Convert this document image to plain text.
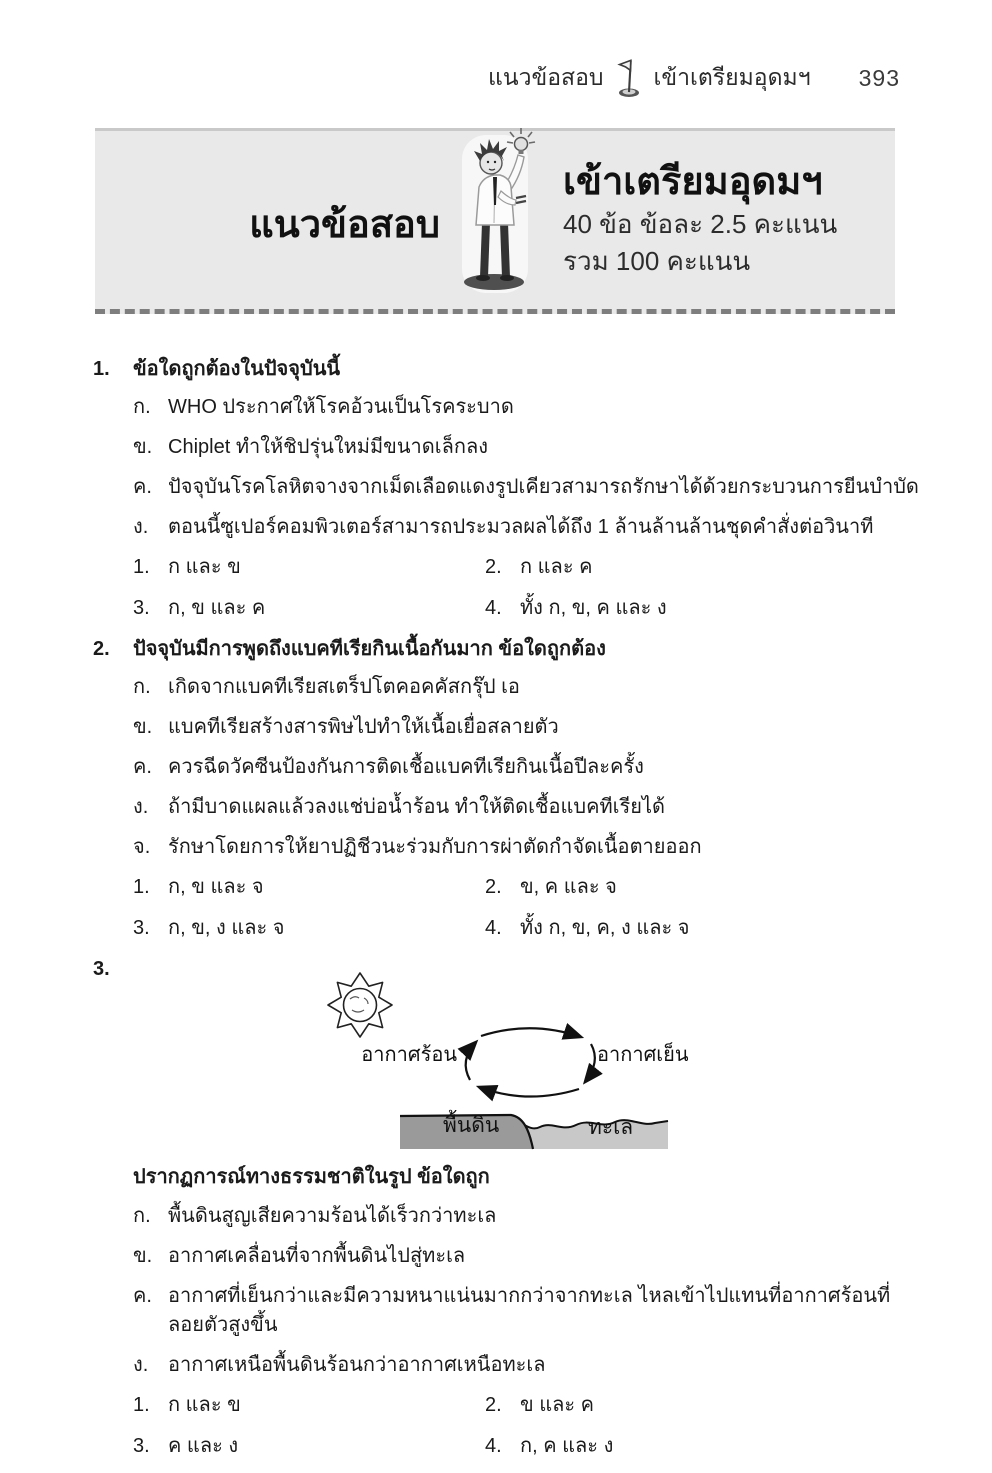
แนวข้อสอบ เข้าเตรียมอุดมฯ 393
แนวข้อสอบ
เข้าเตรียมอุดมฯ
40 ข้อ ข้อละ 2.5 คะแนน
รวม 100 คะแนน
1.	ข้อใดถูกต้องในปัจจุบันนี้
ก. WHO ประกาศให้โรคอ้วนเป็นโรคระบาด
ข. Chiplet ทำให้ชิปรุ่นใหม่มีขนาดเล็กลง
ค. ปัจจุบันโรคโลหิตจางจากเม็ดเลือดแดงรูปเคียวสามารถรักษาได้ด้วยกระบวนการยีนบำบัด
ง. ตอนนี้ซูเปอร์คอมพิวเตอร์สามารถประมวลผลได้ถึง 1 ล้านล้านล้านชุดคำสั่งต่อวินาที
1. ก และ ข	2. ก และ ค
3. ก, ข และ ค	4. ทั้ง ก, ข, ค และ ง
2.	ปัจจุบันมีการพูดถึงแบคทีเรียกินเนื้อกันมาก ข้อใดถูกต้อง
ก. เกิดจากแบคทีเรียสเตร็ปโตคอคคัสกรุ๊ป เอ
ข. แบคทีเรียสร้างสารพิษไปทำให้เนื้อเยื่อสลายตัว
ค. ควรฉีดวัคซีนป้องกันการติดเชื้อแบคทีเรียกินเนื้อปีละครั้ง
ง. ถ้ามีบาดแผลแล้วลงแช่บ่อน้ำร้อน ทำให้ติดเชื้อแบคทีเรียได้
จ. รักษาโดยการให้ยาปฏิชีวนะร่วมกับการผ่าตัดกำจัดเนื้อตายออก
1. ก, ข และ จ	2. ข, ค และ จ
3. ก, ข, ง และ จ	4. ทั้ง ก, ข, ค, ง และ จ
3.
อากาศร้อน	อากาศเย็น
พื้นดิน	ทะเล
ปรากฏการณ์ทางธรรมชาติในรูป ข้อใดถูก
ก. พื้นดินสูญเสียความร้อนได้เร็วกว่าทะเล
ข. อากาศเคลื่อนที่จากพื้นดินไปสู่ทะเล
ค. อากาศที่เย็นกว่าและมีความหนาแน่นมากกว่าจากทะเล ไหลเข้าไปแทนที่อากาศร้อนที่ลอยตัวสูงขึ้น
ง. อากาศเหนือพื้นดินร้อนกว่าอากาศเหนือทะเล
1. ก และ ข	2. ข และ ค
3. ค และ ง	4. ก, ค และ ง
